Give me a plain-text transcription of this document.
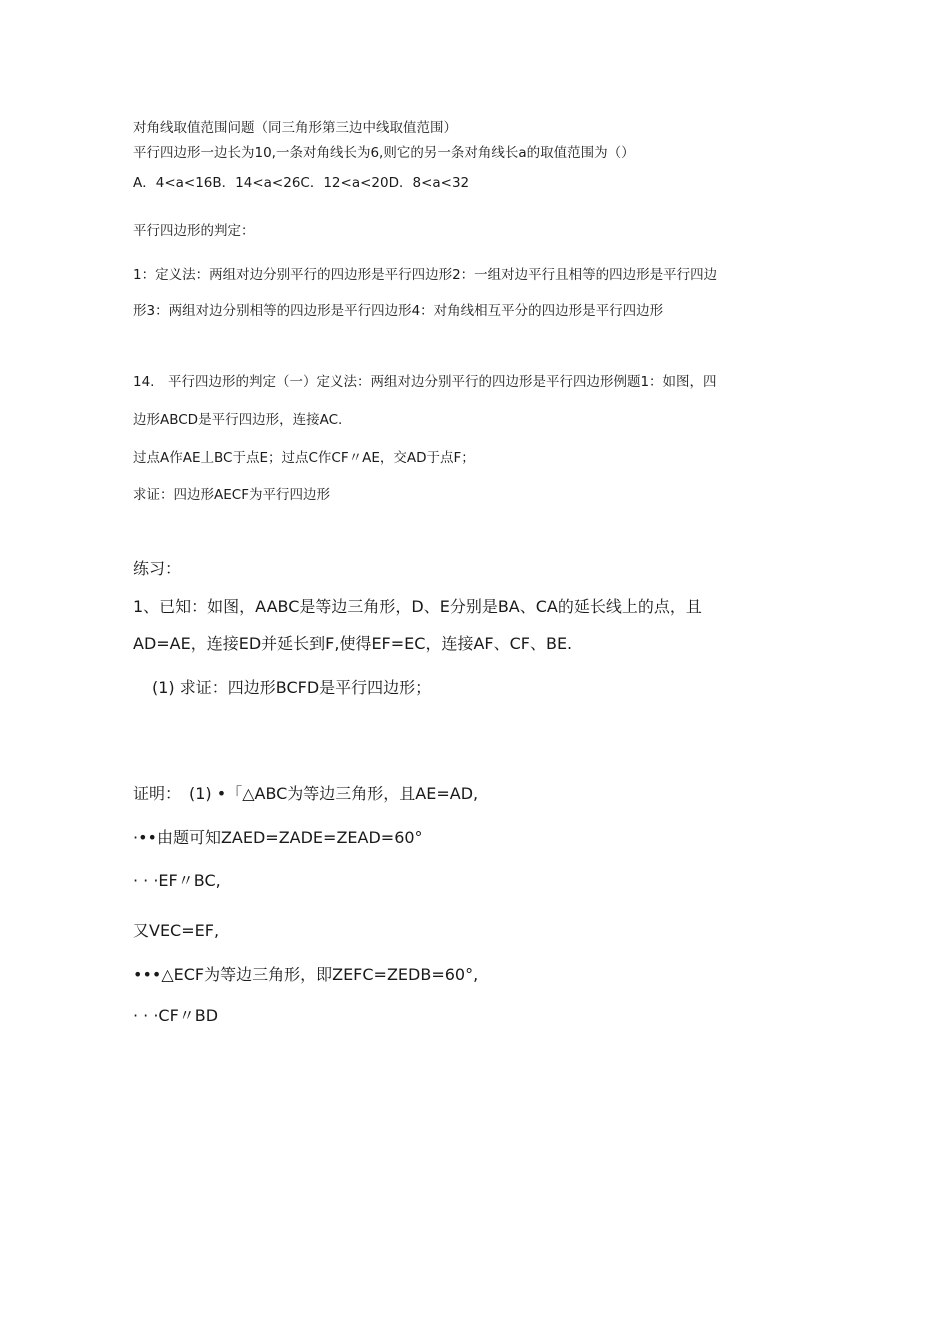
对角线取值范围问题（同三角形第三边中线取值范围）

平行四边形一边长为10,一条对角线长为6,则它的另一条对角线长a的取值范围为（）

A．4<a<16B．14<a<26C．12<a<20D．8<a<32

平行四边形的判定：

1：定义法：两组对边分别平行的四边形是平行四边形2：一组对边平行且相等的四边形是平行四边

形3：两组对边分别相等的四边形是平行四边形4：对角线相互平分的四边形是平行四边形

14.　平行四边形的判定（一）定义法：两组对边分别平行的四边形是平行四边形例题1：如图，四

边形ABCD是平行四边形，连接AC.

过点A作AE丄BC于点E；过点C作CF〃AE，交AD于点F；

求证：四边形AECF为平行四边形

练习：

1、已知：如图，AABC是等边三角形，D、E分别是BA、CA的延长线上的点，且

AD=AE，连接ED并延长到F,使得EF=EC，连接AF、CF、BE.

(1) 求证：四边形BCFD是平行四边形；

证明：　(1) •「△ABC为等边三角形，且AE=AD,

·••由题可知ZAED=ZADE=ZEAD=60°

· · ·EF〃BC,

又VEC=EF,

•••△ECF为等边三角形，即ZEFC=ZEDB=60°,

· · ·CF〃BD
